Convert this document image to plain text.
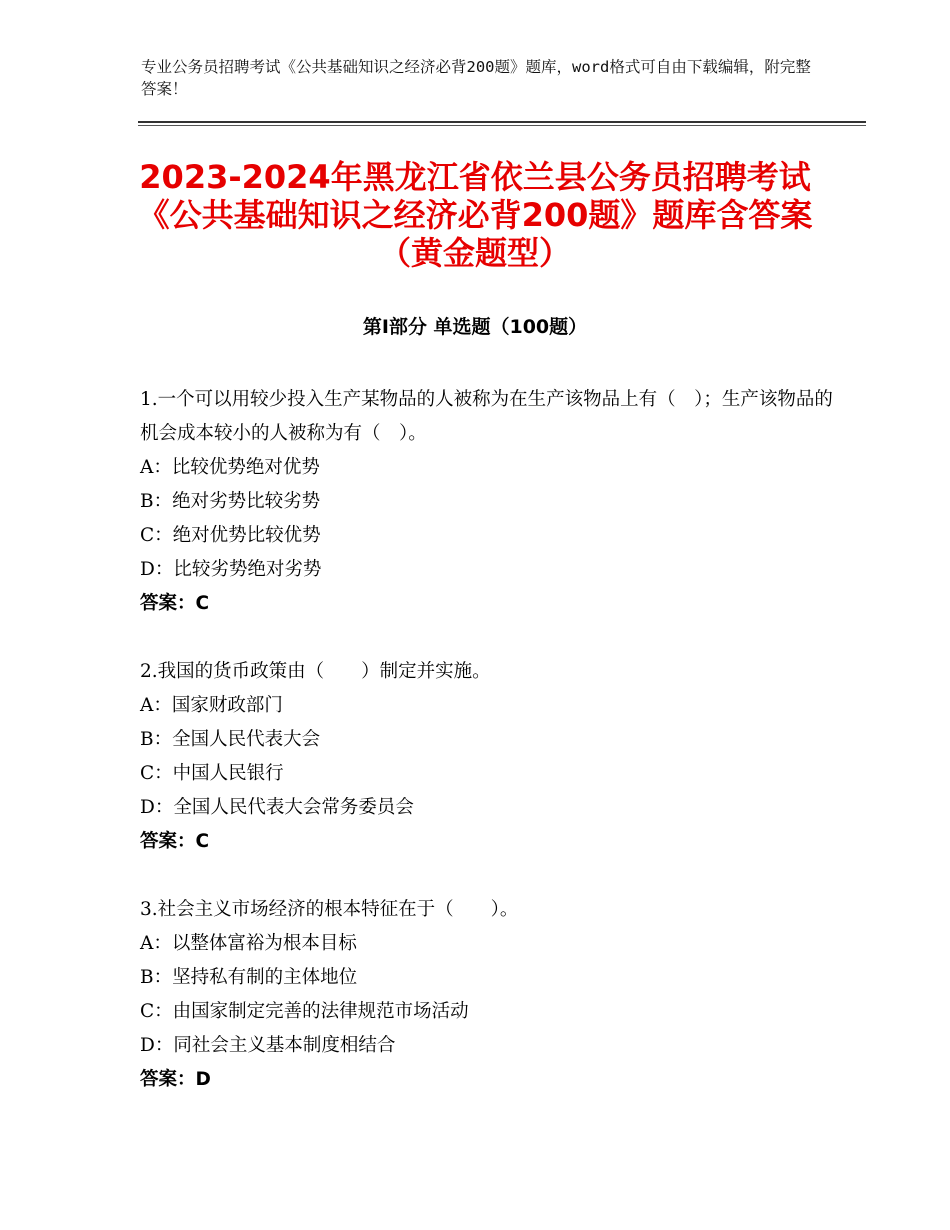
专业公务员招聘考试《公共基础知识之经济必背200题》题库，word格式可自由下载编辑，附完整答案！
2023-2024年黑龙江省依兰县公务员招聘考试《公共基础知识之经济必背200题》题库含答案（黄金题型）
第Ⅰ部分 单选题（100题）
1.一个可以用较少投入生产某物品的人被称为在生产该物品上有（　）；生产该物品的机会成本较小的人被称为有（　）。
A：比较优势绝对优势
B：绝对劣势比较劣势
C：绝对优势比较优势
D：比较劣势绝对劣势
答案：C
2.我国的货币政策由（　　）制定并实施。
A：国家财政部门
B：全国人民代表大会
C：中国人民银行
D：全国人民代表大会常务委员会
答案：C
3.社会主义市场经济的根本特征在于（　　）。
A：以整体富裕为根本目标
B：坚持私有制的主体地位
C：由国家制定完善的法律规范市场活动
D：同社会主义基本制度相结合
答案：D
